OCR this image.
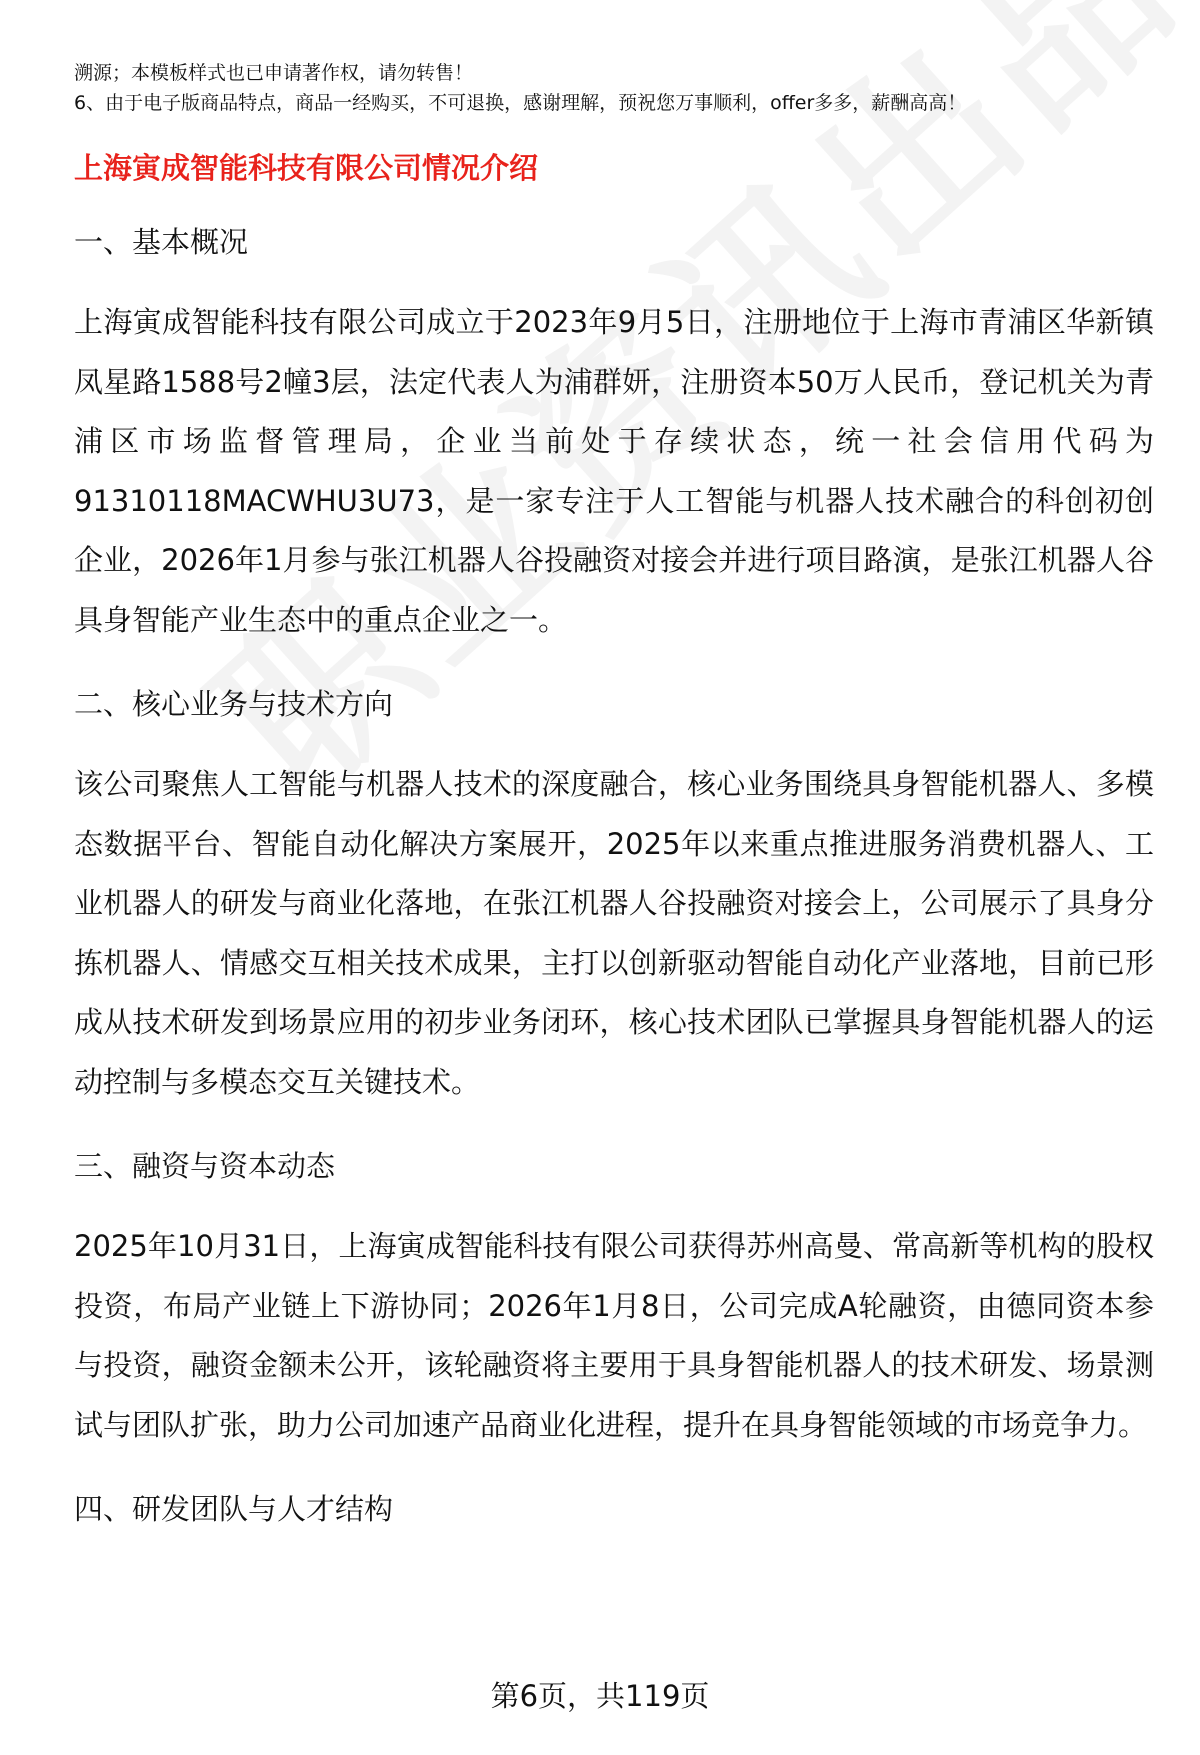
溯源；本模板样式也已申请著作权，请勿转售！

6、由于电子版商品特点，商品一经购买，不可退换，感谢理解，预祝您万事顺利，offer多多，薪酬高高！

上海寅成智能科技有限公司情况介绍
一、基本概况

上海寅成智能科技有限公司成立于2023年9月5日，注册地位于上海市青浦区华新镇凤星路1588号2幢3层，法定代表人为浦群妍，注册资本50万人民币，登记机关为青浦区市场监督管理局，企业当前处于存续状态，统一社会信用代码为91310118MACWHU3U73，是一家专注于人工智能与机器人技术融合的科创初创企业，2026年1月参与张江机器人谷投融资对接会并进行项目路演，是张江机器人谷具身智能产业生态中的重点企业之一。

二、核心业务与技术方向

该公司聚焦人工智能与机器人技术的深度融合，核心业务围绕具身智能机器人、多模态数据平台、智能自动化解决方案展开，2025年以来重点推进服务消费机器人、工业机器人的研发与商业化落地，在张江机器人谷投融资对接会上，公司展示了具身分拣机器人、情感交互相关技术成果，主打以创新驱动智能自动化产业落地，目前已形成从技术研发到场景应用的初步业务闭环，核心技术团队已掌握具身智能机器人的运动控制与多模态交互关键技术。

三、融资与资本动态

2025年10月31日，上海寅成智能科技有限公司获得苏州高曼、常高新等机构的股权投资，布局产业链上下游协同；2026年1月8日，公司完成A轮融资，由德同资本参与投资，融资金额未公开，该轮融资将主要用于具身智能机器人的技术研发、场景测试与团队扩张，助力公司加速产品商业化进程，提升在具身智能领域的市场竞争力。

四、研发团队与人才结构
第6页，共119页
